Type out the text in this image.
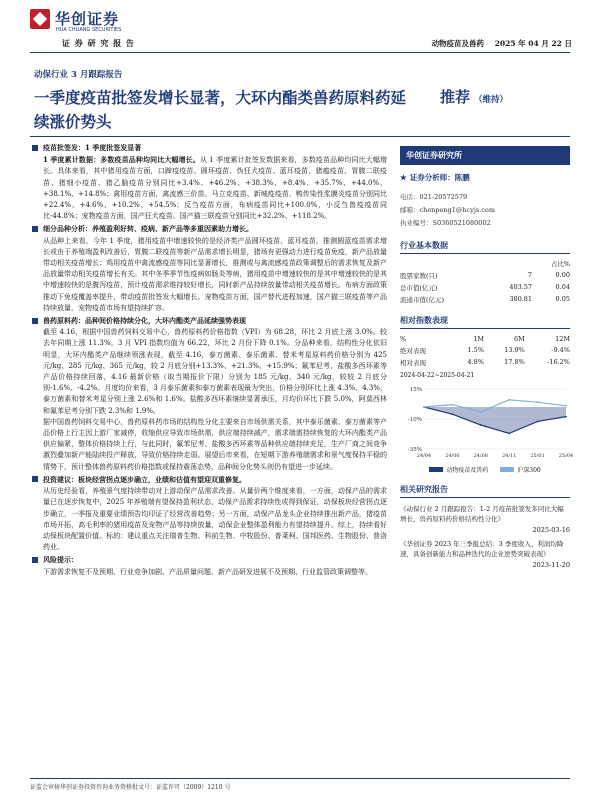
华创证券
HUA CHUANG SECURITIES
证 券 研 究 报 告	动物疫苗及兽药 2025 年 04 月 22 日
动保行业 3 月跟踪报告
一季度疫苗批签发增长显著，大环内酯类兽药原料药延续涨价势头
推荐 （维持）
疫苗批签发：1 季度批签发显著
1 季度累计数据：多数疫苗品种均同比大幅增长。从 1 季度累计批签发数据来看，多数疫苗品种均同比大幅增长。具体来看，其中猪用疫苗方面，口蹄疫疫苗、圆环疫苗、伪狂犬疫苗、蓝耳疫苗、猪瘟疫苗、胃腹二联疫苗、猪细小疫苗、猪乙脑疫苗分别同比+3.4%、+46.2%、+38.3%、+8.4%、+35.7%、+44.0%、+38.1%、+14.8%；禽用疫苗方面，禽流感三价苗、马立克疫苗、新城疫疫苗、鸭传染性浆膜炎疫苗分别同比+22.4%、+4.6%、+10.2%、+54.5%；反刍疫苗方面，布病疫苗同比+100.0%，小反刍兽疫疫苗同比-44.8%；宠物疫苗方面，国产狂犬疫苗、国产猫三联疫苗分别同比+32.2%、+118.2%。
细分品种分析：养殖盈利好转、疫病、新产品等多重因素助力增长。
从品种上来看，今年 1 季度，猪用疫苗中增速较快的是经济类产品圆环疫苗、蓝耳疫苗，推测圆蓝疫苗需求增长或由于养殖端盈利改善后，胃腹二联疫苗等新产品需求增长明显，猪场有更强动力进行疫苗免疫，新产品放量带动相关疫苗增长；鸡用疫苗中禽流感疫苗等同比显著增长，推测或与禽流感疫苗政策调整后的需求恢复及新产品放量带动相关疫苗增长有关。其中冬季季节性疫病如肠炎等病，猪用疫苗中增速较快的是其中增速较快的是其中增速较快的是腹泻疫苗，预计疫苗需求维持较好增长，同时新产品持续放量带动相关疫苗增长。布病方面政策推动下免疫覆盖率提升，带动疫苗批签发大幅增长。宠物疫苗方面，国产替代进程加速，国产猫三联疫苗等产品持续放量，宠物疫苗市场有望持续扩容。
兽药原料药：品种间价格持续分化，大环内酯类产品延续强势表现
截至 4.16，根据中国兽药饲料交易中心，兽药原料药价格指数（VPI）为 68.28，环比 2 月底上涨 3.0%。较去年同期上涨 11.3%。3 月 VPI 指数均值为 66.22，环比 2 月份下降 0.1%。分品种来看，结构性分化依旧明显，大环内酯类产品继续领涨表现，截至 4.16，泰万菌素、泰乐菌素、替米考星原料药价格分别为 425 元/kg、285 元/kg、365 元/kg，较 2 月底分别+13.3%、+21.3%、+15.9%；氟苯尼考、盐酸多西环素等产品价格持续回落，4.16 最新价格（取当期报价下限）分别为 185 元/kg、340 元/kg，较较 2 月底分别-1.6%、-4.2%。月度均价来看，3 月泰乐菌素和泰万菌素表现最为突出，价格分别环比上涨 4.3%、4.3%，泰万菌素和替米考星分别上涨 2.6%和 1.6%。盐酸多西环素继续显著承压，月均价环比下跌 5.0%，阿莫西林和氟苯尼考分别下跌 2.3%和 1.9%。
据中国兽药饲料交易中心，兽药原料药市场的结构性分化主要来自市场供需关系，其中泰乐菌素、泰万菌素等产品价格上行主因上游厂家减停，收缩供应导致市场供需，供应端持续减产，需求端需持续恢复的大环内酯类产品供应偏紧，整体价格持续上行，与此同时，氟苯尼考、盐酸多西环素等品种供应端持续充足，生产厂商之间竞争激烈叠加新产能陆续投产释放，导致价格持续走弱。展望后市来看，在短期下游养殖端需求和景气度保持平稳的情势下，预计整体兽药原料药价格指数或保持震荡态势，品种间分化势头则仍有望进一步延续。
投资建议：板块经营拐点逐步确立，业绩和估值有望迎双重修复。
从历史经验看，养殖景气度持续带动对上游动保产品需求改善。从量价两个维度来看，一方面，动保产品的需求量已在逐步恢复中，2025 年养殖端有望保持盈利状态，动保产品需求持续性或得到保证，动保板块经营拐点逐步确立，一季报及重要业绩预告均印证了经营改善趋势；另一方面，动保产品龙头企业持续推出新产品，猪疫苗市场开拓，高毛利率的猪用疫苗及宠物产品等持续放量，动保企业整体盈利能力有望持续提升。综上，持续看好动保板块配置价值。标的：建议重点关注瑞普生物、科前生物、中牧股份、普莱柯、国邦医药、生物股份、普洛药业。
风险提示：
下游需求恢复不及预期、行业竞争加剧、产品质量问题、新产品研发进展不及预期、行业监管政策调整等。
华创证券研究所
★ 证券分析师：陈鹏
电话：021-20572579
邮箱：chenpeng1@hcyjs.com
执业编号：S0360521080002
行业基本数据
		占比%
股票家数(只)	7	0.00
总市值(亿元)	403.57	0.04
流通市值(亿元)	380.81	0.05
相对指数表现
%	1M	6M	12M
绝对表现	1.5%	13.9%	-9.4%
相对表现	4.8%	17.8%	-16.2%
2024-04-22~2025-04-21
15%
-10%
-35%
24/04	24/06	24/08	24/11	25/01	25/04
动物疫苗及兽药	沪深300
相关研究报告
《动保行业 2 月跟踪报告：1-2 月疫苗批签发多同比大幅增长，兽药原料药价格结构性分化》
2025-03-16
《华创证券 2023 年三季报总结：3 季度收入、利润均降速，具备创新能力和品种迭代的企业逆势突破表现》
2023-11-20
证监会审核华创证券投资咨询业务资格批文号：证监许可（2009）1210 号
